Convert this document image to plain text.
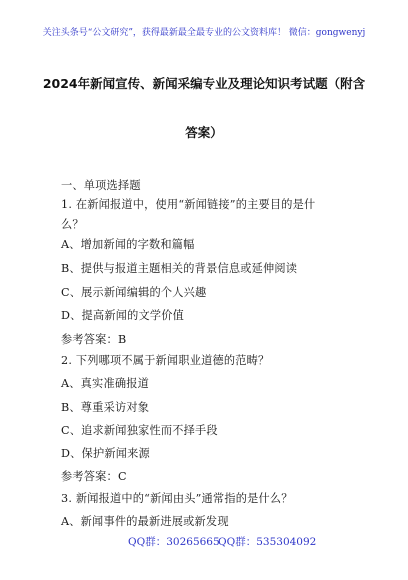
关注头条号“公文研究”，获得最新最全最专业的公文资料库！ 微信：gongwenyj
2024年新闻宣传、新闻采编专业及理论知识考试题（附含
答案）
一、单项选择题
1. 在新闻报道中，使用“新闻链接”的主要目的是什
么？
A、增加新闻的字数和篇幅
B、提供与报道主题相关的背景信息或延伸阅读
C、展示新闻编辑的个人兴趣
D、提高新闻的文学价值
参考答案：B
2. 下列哪项不属于新闻职业道德的范畴？
A、真实准确报道
B、尊重采访对象
C、追求新闻独家性而不择手段
D、保护新闻来源
参考答案：C
3. 新闻报道中的“新闻由头”通常指的是什么？
A、新闻事件的最新进展或新发现
QQ群：30265665
QQ群：535304092
